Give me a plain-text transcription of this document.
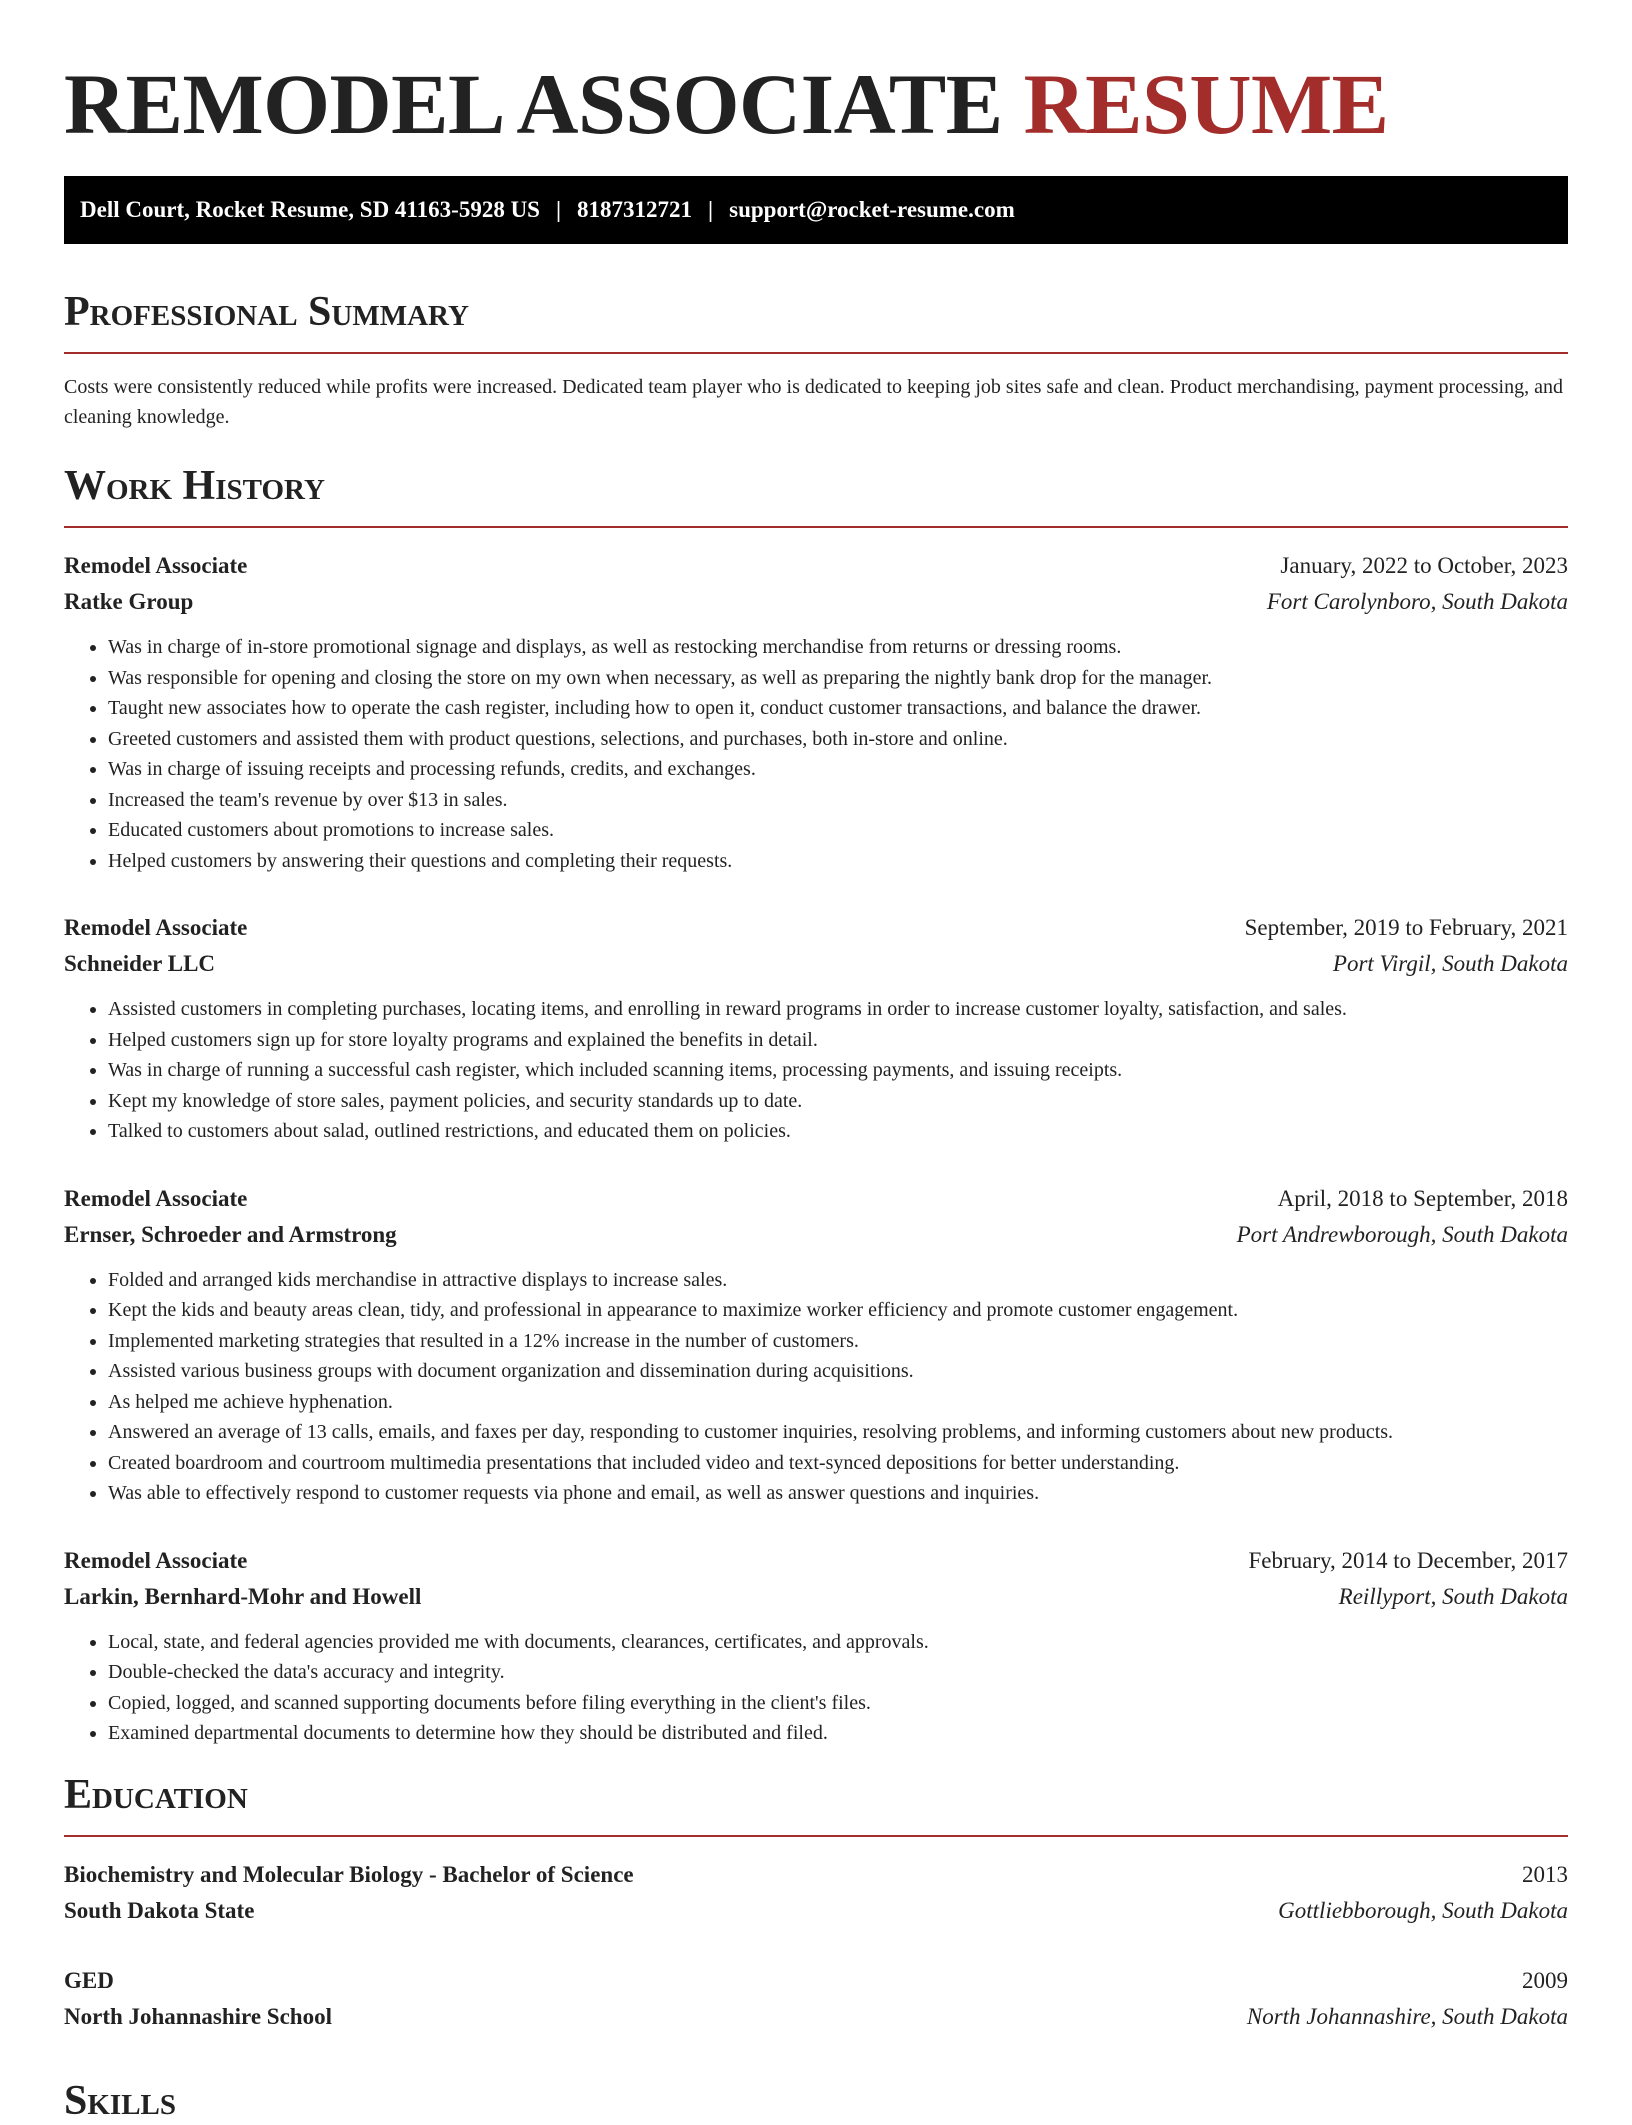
REMODEL ASSOCIATE RESUME
Dell Court, Rocket Resume, SD 41163-5928 US | 8187312721 | support@rocket-resume.com
Professional Summary

Costs were consistently reduced while profits were increased. Dedicated team player who is dedicated to keeping job sites safe and clean. Product merchandising, payment processing, and cleaning knowledge.

Work History
Remodel Associate	January, 2022 to October, 2023
Ratke Group	Fort Carolynboro, South Dakota
• Was in charge of in-store promotional signage and displays, as well as restocking merchandise from returns or dressing rooms.
• Was responsible for opening and closing the store on my own when necessary, as well as preparing the nightly bank drop for the manager.
• Taught new associates how to operate the cash register, including how to open it, conduct customer transactions, and balance the drawer.
• Greeted customers and assisted them with product questions, selections, and purchases, both in-store and online.
• Was in charge of issuing receipts and processing refunds, credits, and exchanges.
• Increased the team's revenue by over $13 in sales.
• Educated customers about promotions to increase sales.
• Helped customers by answering their questions and completing their requests.
Remodel Associate	September, 2019 to February, 2021
Schneider LLC	Port Virgil, South Dakota
• Assisted customers in completing purchases, locating items, and enrolling in reward programs in order to increase customer loyalty, satisfaction, and sales.
• Helped customers sign up for store loyalty programs and explained the benefits in detail.
• Was in charge of running a successful cash register, which included scanning items, processing payments, and issuing receipts.
• Kept my knowledge of store sales, payment policies, and security standards up to date.
• Talked to customers about salad, outlined restrictions, and educated them on policies.
Remodel Associate	April, 2018 to September, 2018
Ernser, Schroeder and Armstrong	Port Andrewborough, South Dakota
• Folded and arranged kids merchandise in attractive displays to increase sales.
• Kept the kids and beauty areas clean, tidy, and professional in appearance to maximize worker efficiency and promote customer engagement.
• Implemented marketing strategies that resulted in a 12% increase in the number of customers.
• Assisted various business groups with document organization and dissemination during acquisitions.
• As helped me achieve hyphenation.
• Answered an average of 13 calls, emails, and faxes per day, responding to customer inquiries, resolving problems, and informing customers about new products.
• Created boardroom and courtroom multimedia presentations that included video and text-synced depositions for better understanding.
• Was able to effectively respond to customer requests via phone and email, as well as answer questions and inquiries.
Remodel Associate	February, 2014 to December, 2017
Larkin, Bernhard-Mohr and Howell	Reillyport, South Dakota
• Local, state, and federal agencies provided me with documents, clearances, certificates, and approvals.
• Double-checked the data's accuracy and integrity.
• Copied, logged, and scanned supporting documents before filing everything in the client's files.
• Examined departmental documents to determine how they should be distributed and filed.
Education
Biochemistry and Molecular Biology - Bachelor of Science	2013
South Dakota State	Gottliebborough, South Dakota
GED	2009
North Johannashire School	North Johannashire, South Dakota
Skills
